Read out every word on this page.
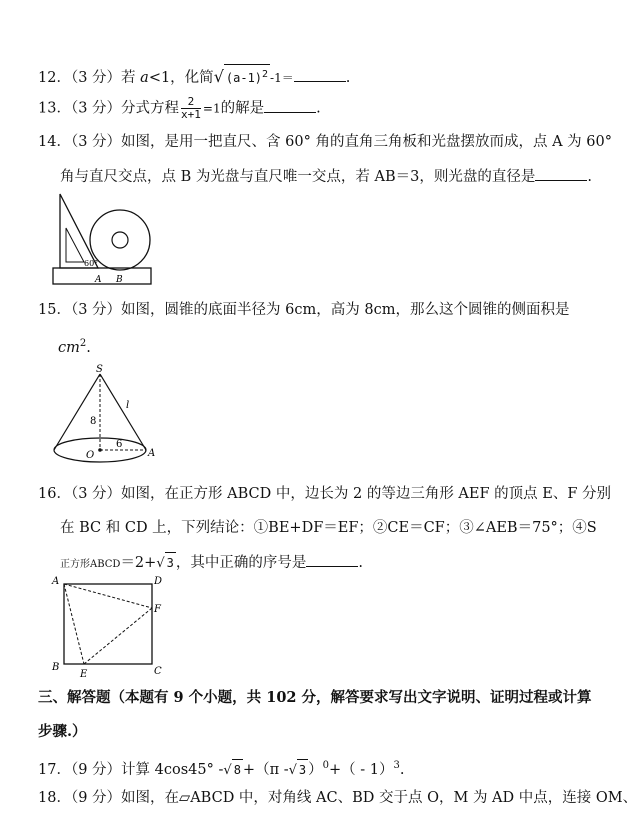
12．（3 分）若 a<1，化简√ $(a-1)^2$ -1＝	.
13．（3 分）分式方程 $\frac{2}{x+1} =1$的解是	.
14．（3 分）如图，是用一把直尺、含 60° 角的直角三角板和光盘摆放而成，点 A 为 60°
角与直尺交点，点 B 为光盘与直尺唯一交点，若 AB＝3，则光盘的直径是	.
60°
A B
15．（3 分）如图，圆锥的底面半径为 6cm，高为 8cm，那么这个圆锥的侧面积是
$cm^2$.
S
l
8
6
O	A
16．（3 分）如图，在正方形 ABCD 中，边长为 2 的等边三角形 AEF 的顶点 E、F 分别
在 BC 和 CD 上，下列结论：①BE+DF＝EF；②CE＝CF；③∠AEB＝75°；④S
正方形ABCD＝2+√ 3 ，其中正确的序号是	.
A
B	C
D
E
F
三、解答题（本题有 9 个小题，共 102 分，解答要求写出文字说明、证明过程或计算
步骤.）
17．（9 分）计算 4cos45° -√ 8 +（π -√ 3 ）$^0$+（ - 1）$^3$.
18．（9 分）如图，在▱ABCD 中，对角线 AC、BD 交于点 O，M 为 AD 中点，连接 OM、
